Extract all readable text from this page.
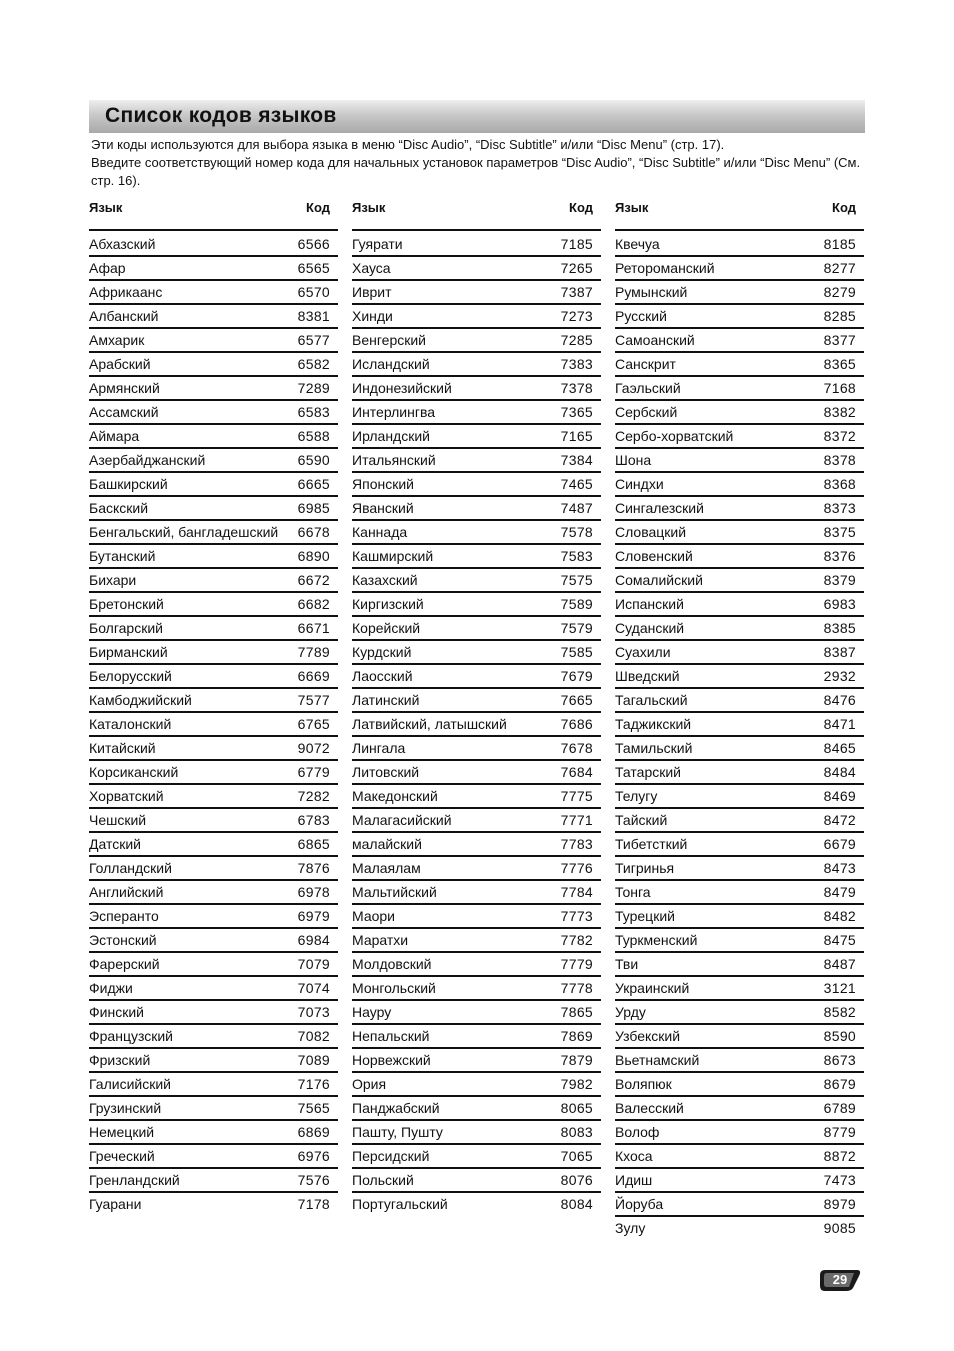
Список кодов языков

Эти коды используются для выбора языка в меню “Disc Audio”, “Disc Subtitle” и/или “Disc Menu” (стр. 17).

Введите соответствующий номер кода для начальных установок параметров “Disc Audio”, “Disc Subtitle” и/или “Disc Menu” (См. стр. 16).

Язык	Код
Абхазский	6566
Афар	6565
Африкаанс	6570
Албанский	8381
Амхарик	6577
Арабский	6582
Армянский	7289
Ассамский	6583
Аймара	6588
Азербайджанский	6590
Башкирский	6665
Баскский	6985
Бенгальский, бангладешский 6678
Бутанский	6890
Бихари	6672
Бретонский	6682
Болгарский	6671
Бирманский	7789
Белорусский	6669
Камбоджийский	7577
Каталонский	6765
Китайский	9072
Корсиканский	6779
Хорватский	7282
Чешский	6783
Датский	6865
Голландский	7876
Английский	6978
Эсперанто	6979
Эстонский	6984
Фарерский	7079
Фиджи	7074
Финский	7073
Французский	7082
Фризский	7089
Галисийский	7176
Грузинский	7565
Немецкий	6869
Греческий	6976
Гренландский	7576
Гуарани	7178
Язык	Код
Гуярати	7185
Хауса	7265
Иврит	7387
Хинди	7273
Венгерский	7285
Исландский	7383
Индонезийский	7378
Интерлингва	7365
Ирландский	7165
Итальянский	7384
Японский	7465
Яванский	7487
Каннада	7578
Кашмирский	7583
Казахский	7575
Киргизский	7589
Корейский	7579
Курдский	7585
Лаосский	7679
Латинский	7665
Латвийский, латышский	7686
Лингала	7678
Литовский	7684
Македонский	7775
Малагасийский	7771
малайский	7783
Малаялам	7776
Мальтийский	7784
Маори	7773
Маратхи	7782
Молдовский	7779
Монгольский	7778
Науру	7865
Непальский	7869
Норвежский	7879
Ория	7982
Панджабский	8065
Пашту, Пушту	8083
Персидский	7065
Польский	8076
Португальский	8084
Язык	Код
Квечуа	8185
Ретороманский	8277
Румынский	8279
Русский	8285
Самоанский	8377
Санскрит	8365
Гаэльский	7168
Сербский	8382
Сербо-хорватский	8372
Шона	8378
Синдхи	8368
Сингалезский	8373
Словацкий	8375
Словенский	8376
Сомалийский	8379
Испанский	6983
Суданский	8385
Суахили	8387
Шведский	2932
Тагальский	8476
Таджикский	8471
Тамильский	8465
Татарский	8484
Телугу	8469
Тайский	8472
Тибетсткий	6679
Тигринья	8473
Тонга	8479
Турецкий	8482
Туркменский	8475
Тви	8487
Украинский	3121
Урду	8582
Узбекский	8590
Вьетнамский	8673
Воляпюк	8679
Валесский	6789
Волоф	8779
Кхоса	8872
Идиш	7473
Йоруба	8979
Зулу	9085
29
